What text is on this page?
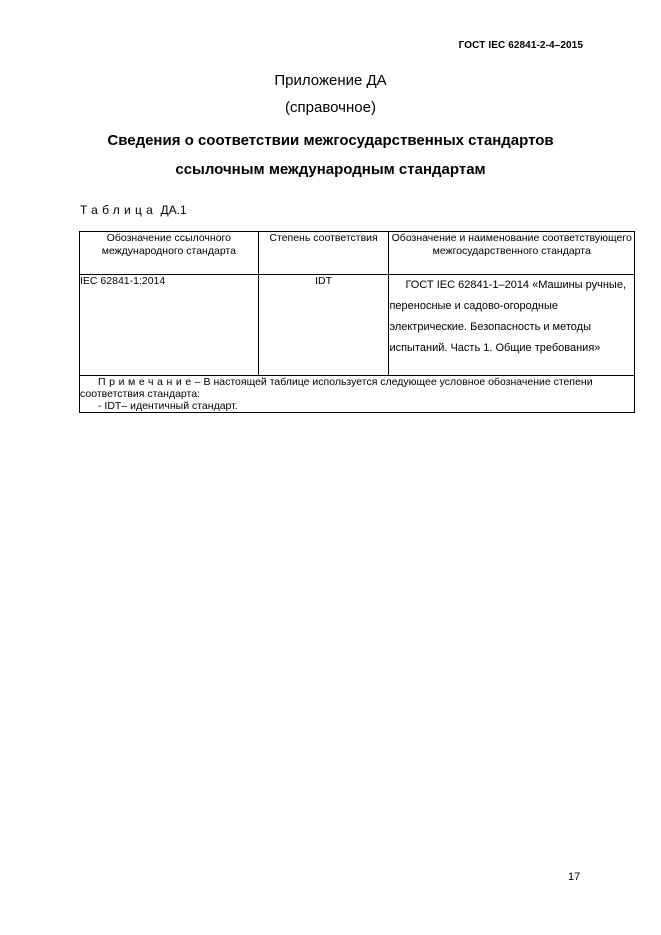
ГОСТ IEC 62841-2-4–2015
Приложение ДА
(справочное)
Сведения о соответствии межгосударственных стандартов
ссылочным международным стандартам
Таблица ДА.1
Обозначение ссылочного международного стандарта	Степень соответствия	Обозначение и наименование соответствующего межгосударственного стандарта
IEC 62841-1:2014	IDT	ГОСТ IEC 62841-1–2014 «Машины ручные, переносные и садово-огородные электрические. Безопасность и методы испытаний. Часть 1. Общие требования»

Примечание– В настоящей таблице используется следующее условное обозначение степени соответствия стандарта:
- IDT– идентичный стандарт.		
17
